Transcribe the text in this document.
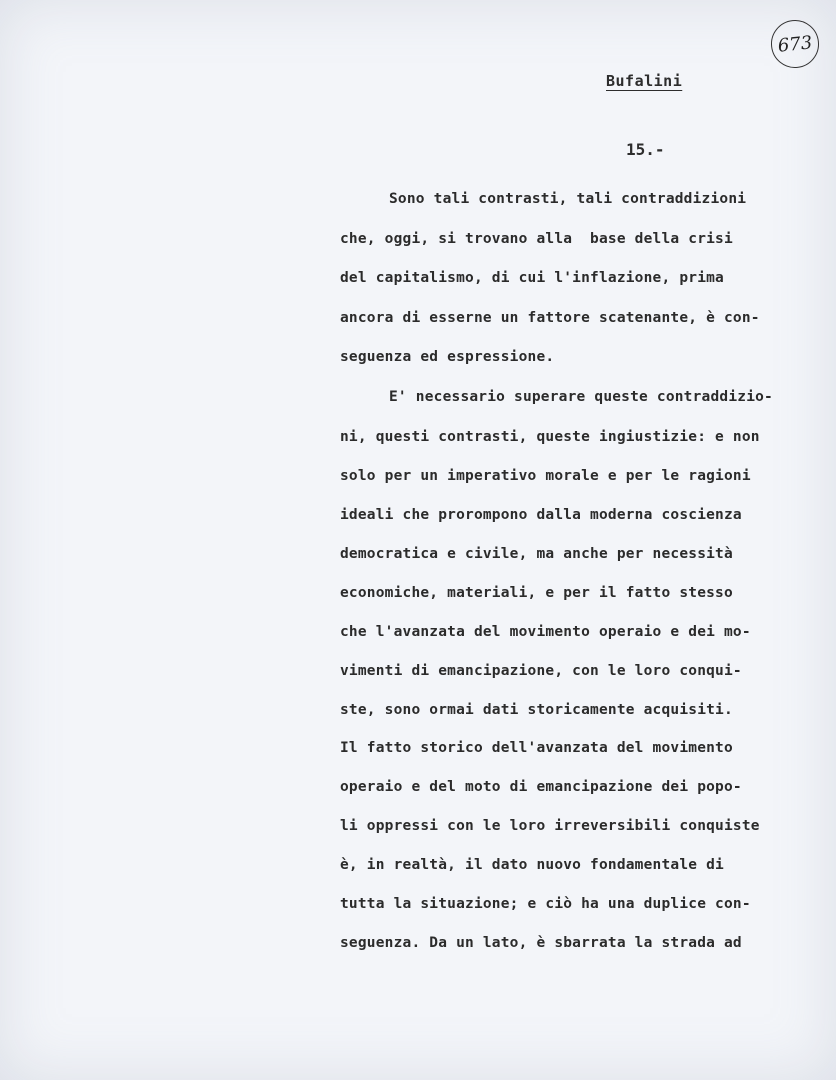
673
Bufalini
15.-
Sono tali contrasti, tali contraddizioni
che, oggi, si trovano alla  base della crisi
del capitalismo, di cui l'inflazione, prima
ancora di esserne un fattore scatenante, è con-
seguenza ed espressione.
E' necessario superare queste contraddizio-
ni, questi contrasti, queste ingiustizie: e non
solo per un imperativo morale e per le ragioni
ideali che prorompono dalla moderna coscienza
democratica e civile, ma anche per necessità
economiche, materiali, e per il fatto stesso
che l'avanzata del movimento operaio e dei mo-
vimenti di emancipazione, con le loro conqui-
ste, sono ormai dati storicamente acquisiti.
Il fatto storico dell'avanzata del movimento
operaio e del moto di emancipazione dei popo-
li oppressi con le loro irreversibili conquiste
è, in realtà, il dato nuovo fondamentale di
tutta la situazione; e ciò ha una duplice con-
seguenza. Da un lato, è sbarrata la strada ad
